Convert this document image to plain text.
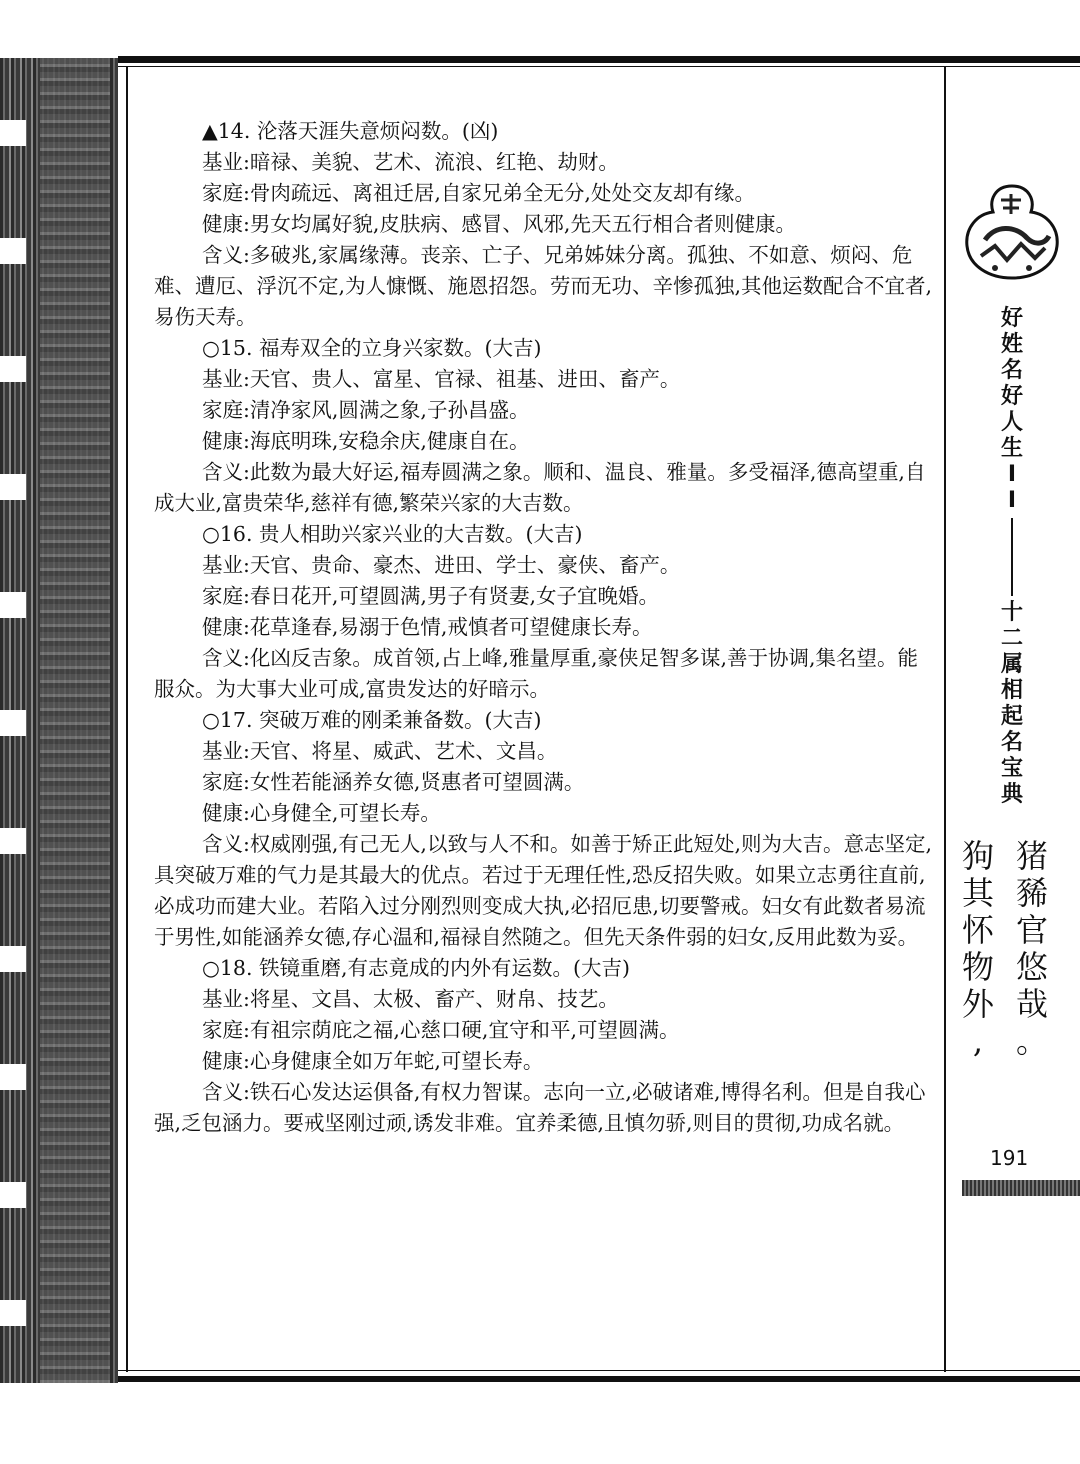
▲14. 沦落天涯失意烦闷数。(凶)

基业:暗禄、美貌、艺术、流浪、红艳、劫财。

家庭:骨肉疏远、离祖迁居,自家兄弟全无分,处处交友却有缘。

健康:男女均属好貌,皮肤病、感冒、风邪,先天五行相合者则健康。

含义:多破兆,家属缘薄。丧亲、亡子、兄弟姊妹分离。孤独、不如意、烦闷、危难、遭厄、浮沉不定,为人慷慨、施恩招怨。劳而无功、辛惨孤独,其他运数配合不宜者,易伤天寿。

○15. 福寿双全的立身兴家数。(大吉)

基业:天官、贵人、富星、官禄、祖基、进田、畜产。

家庭:清净家风,圆满之象,子孙昌盛。

健康:海底明珠,安稳余庆,健康自在。

含义:此数为最大好运,福寿圆满之象。顺和、温良、雅量。多受福泽,德高望重,自成大业,富贵荣华,慈祥有德,繁荣兴家的大吉数。

○16. 贵人相助兴家兴业的大吉数。(大吉)

基业:天官、贵命、豪杰、进田、学士、豪侠、畜产。

家庭:春日花开,可望圆满,男子有贤妻,女子宜晚婚。

健康:花草逢春,易溺于色情,戒慎者可望健康长寿。

含义:化凶反吉象。成首领,占上峰,雅量厚重,豪侠足智多谋,善于协调,集名望。能服众。为大事大业可成,富贵发达的好暗示。

○17. 突破万难的刚柔兼备数。(大吉)

基业:天官、将星、威武、艺术、文昌。

家庭:女性若能涵养女德,贤惠者可望圆满。

健康:心身健全,可望长寿。

含义:权威刚强,有己无人,以致与人不和。如善于矫正此短处,则为大吉。意志坚定,具突破万难的气力是其最大的优点。若过于无理任性,恐反招失败。如果立志勇往直前,必成功而建大业。若陷入过分刚烈则变成大执,必招厄患,切要警戒。妇女有此数者易流于男性,如能涵养女德,存心温和,福禄自然随之。但先天条件弱的妇女,反用此数为妥。

○18. 铁镜重磨,有志竟成的内外有运数。(大吉)

基业:将星、文昌、太极、畜产、财帛、技艺。

家庭:有祖宗荫庇之福,心慈口硬,宜守和平,可望圆满。

健康:心身健康全如万年蛇,可望长寿。

含义:铁石心发达运俱备,有权力智谋。志向一立,必破诸难,博得名利。但是自我心强,乏包涵力。要戒坚刚过顽,诱发非难。宜养柔德,且慎勿骄,则目的贯彻,功成名就。

好
姓
名
好
人
生
I
I
十
二
属
相
起
名
宝
典
猪
豨
官
悠
哉
。
狗
其
怀
物
外
,
191
